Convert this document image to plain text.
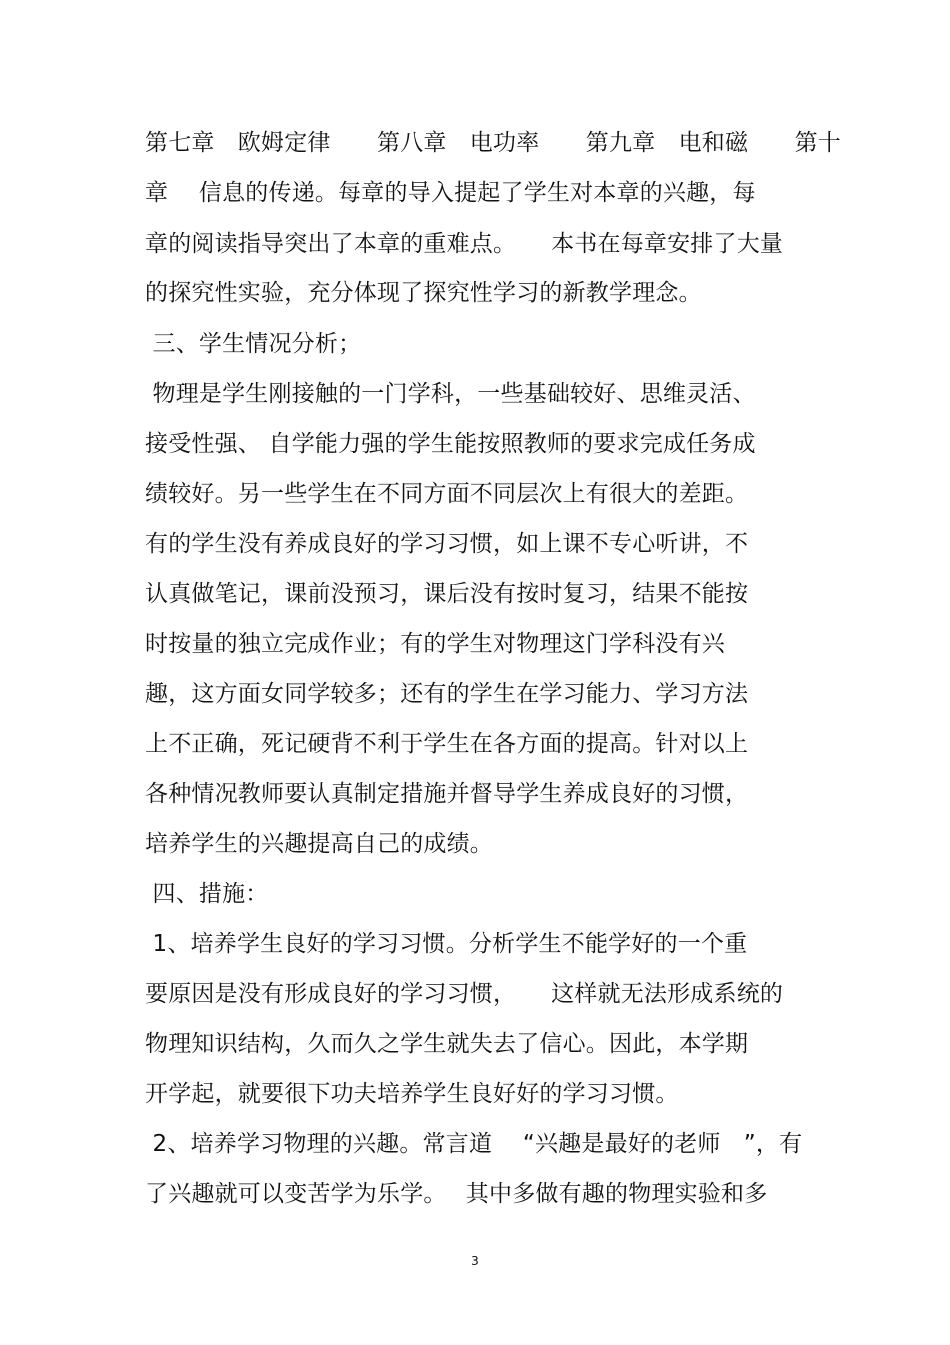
第七章　欧姆定律　　第八章　电功率　　第九章　电和磁　　第十
章　 信息的传递。每章的导入提起了学生对本章的兴趣，每
章的阅读指导突出了本章的重难点。　　本书在每章安排了大量
的探究性实验，充分体现了探究性学习的新教学理念。
三、学生情况分析；
物理是学生刚接触的一门学科，一些基础较好、思维灵活、
接受性强、 自学能力强的学生能按照教师的要求完成任务成
绩较好。另一些学生在不同方面不同层次上有很大的差距。
有的学生没有养成良好的学习习惯，如上课不专心听讲，不
认真做笔记，课前没预习，课后没有按时复习，结果不能按
时按量的独立完成作业；有的学生对物理这门学科没有兴
趣，这方面女同学较多；还有的学生在学习能力、学习方法
上不正确，死记硬背不利于学生在各方面的提高。针对以上
各种情况教师要认真制定措施并督导学生养成良好的习惯，
培养学生的兴趣提高自己的成绩。
四、措施：
1、培养学生良好的学习习惯。分析学生不能学好的一个重
要原因是没有形成良好的学习习惯，　　这样就无法形成系统的
物理知识结构，久而久之学生就失去了信心。因此，本学期
开学起，就要很下功夫培养学生良好好的学习习惯。
2、培养学习物理的兴趣。常言道　 “兴趣是最好的老师　”，有
了兴趣就可以变苦学为乐学。　 其中多做有趣的物理实验和多
3
